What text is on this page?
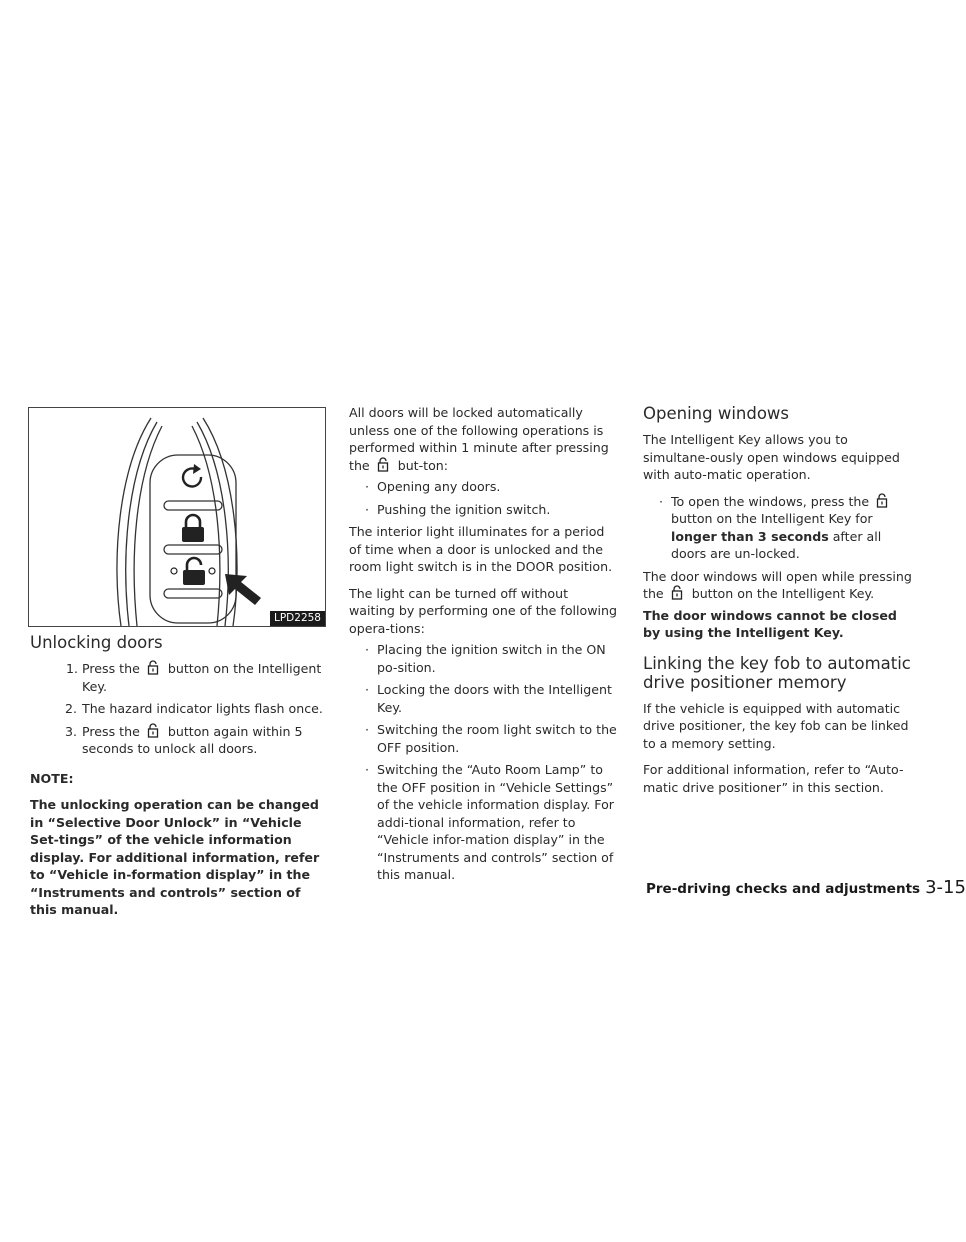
LPD2258
Unlocking doors
1. Press the button on the Intelligent Key.
2. The hazard indicator lights flash once.
3. Press the button again within 5 seconds to unlock all doors.

NOTE:

The unlocking operation can be changed in “Selective Door Unlock” in “Vehicle Set-tings” of the vehicle information display. For additional information, refer to “Vehicle in-formation display” in the “Instruments and controls” section of this manual.

All doors will be locked automatically unless one of the following operations is performed within 1 minute after pressing the but-ton:

· Opening any doors.
· Pushing the ignition switch.

The interior light illuminates for a period of time when a door is unlocked and the room light switch is in the DOOR position.

The light can be turned off without waiting by performing one of the following opera-tions:

· Placing the ignition switch in the ON po-sition.
· Locking the doors with the Intelligent Key.
· Switching the room light switch to the OFF position.
· Switching the “Auto Room Lamp” to the OFF position in “Vehicle Settings” of the vehicle information display. For addi-tional information, refer to “Vehicle infor-mation display” in the “Instruments and controls” section of this manual.
Opening windows

The Intelligent Key allows you to simultane-ously open windows equipped with auto-matic operation.

· To open the windows, press the  button on the Intelligent Key for longer than 3 seconds after all doors are un-locked.

The door windows will open while pressing the button on the Intelligent Key.

The door windows cannot be closed by using the Intelligent Key.

Linking the key fob to automatic drive positioner memory

If the vehicle is equipped with automatic drive positioner, the key fob can be linked to a memory setting.

For additional information, refer to “Auto-matic drive positioner” in this section.

Pre-driving checks and adjustments 3-15
